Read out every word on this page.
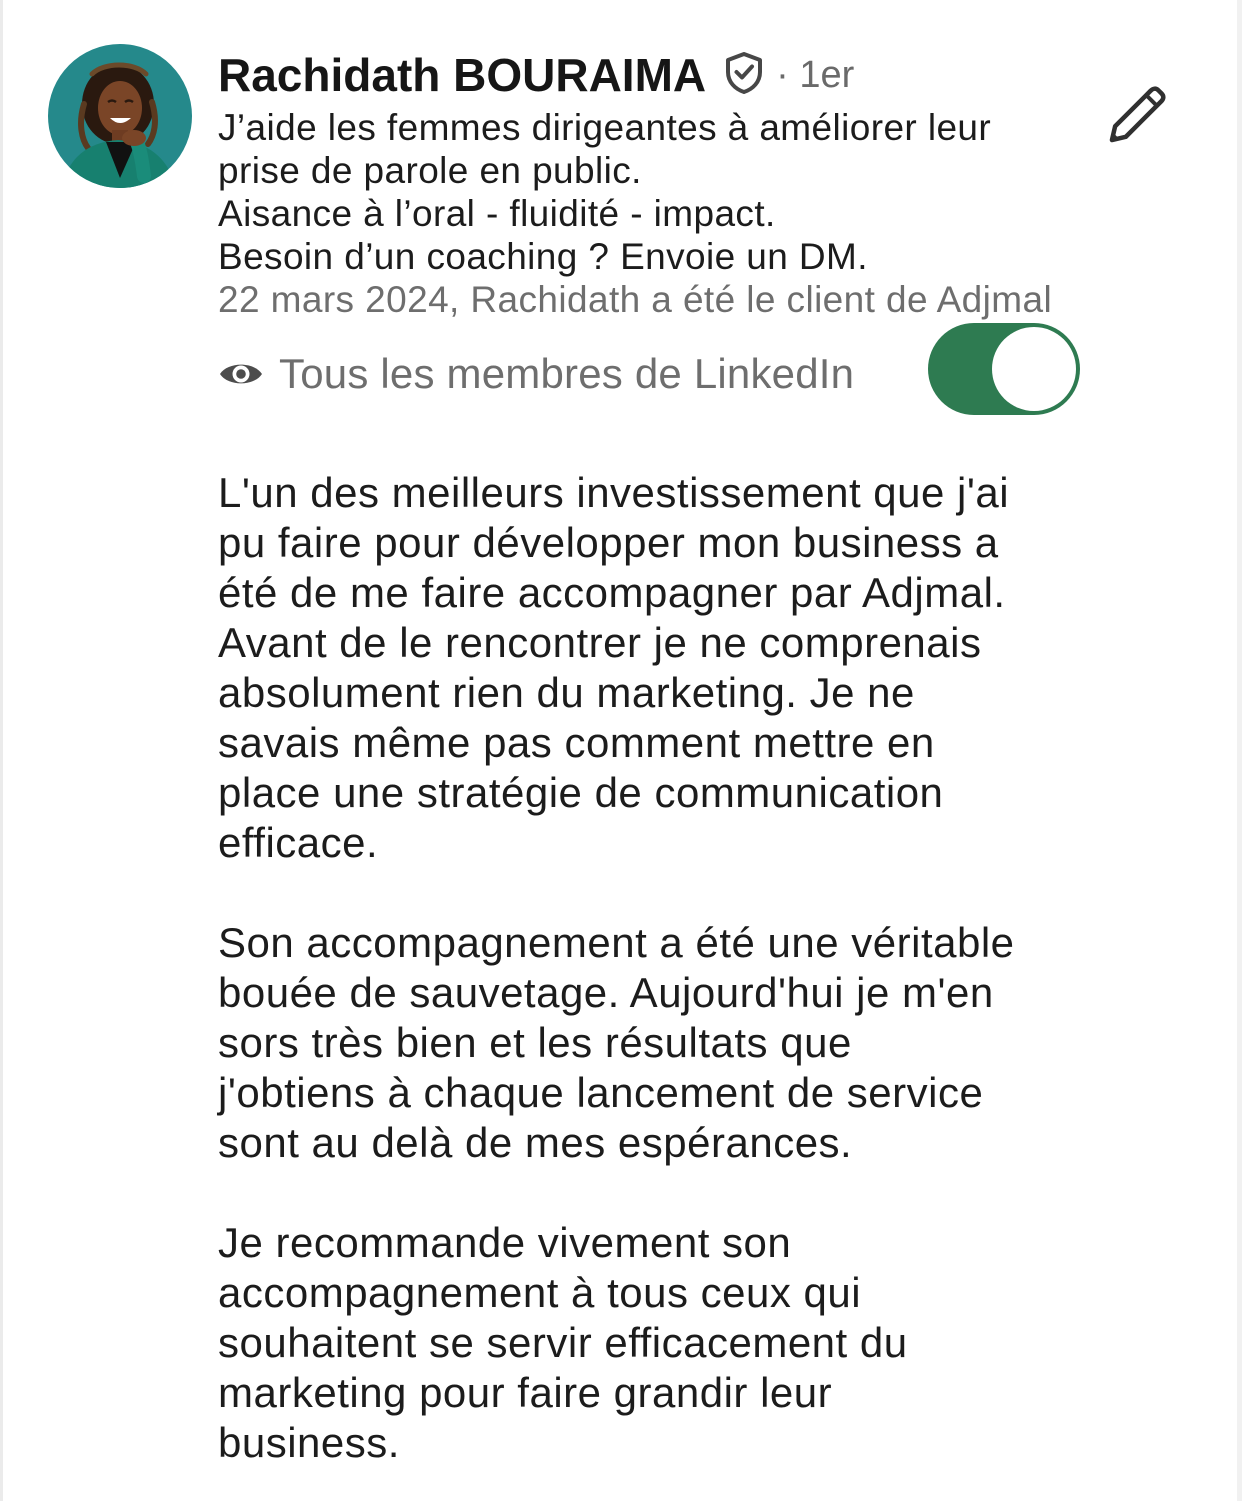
Rachidath BOURAIMA · 1er
J’aide les femmes dirigeantes à améliorer leur
prise de parole en public.
Aisance à l’oral - fluidité - impact.
Besoin d’un coaching ? Envoie un DM.
22 mars 2024, Rachidath a été le client de Adjmal
Tous les membres de LinkedIn
L'un des meilleurs investissement que j'ai
pu faire pour développer mon business a
été de me faire accompagner par Adjmal.
Avant de le rencontrer je ne comprenais
absolument rien du marketing. Je ne
savais même pas comment mettre en
place une stratégie de communication
efficace.
Son accompagnement a été une véritable
bouée de sauvetage. Aujourd'hui je m'en
sors très bien et les résultats que
j'obtiens à chaque lancement de service
sont au delà de mes espérances.
Je recommande vivement son
accompagnement à tous ceux qui
souhaitent se servir efficacement du
marketing pour faire grandir leur
business.
